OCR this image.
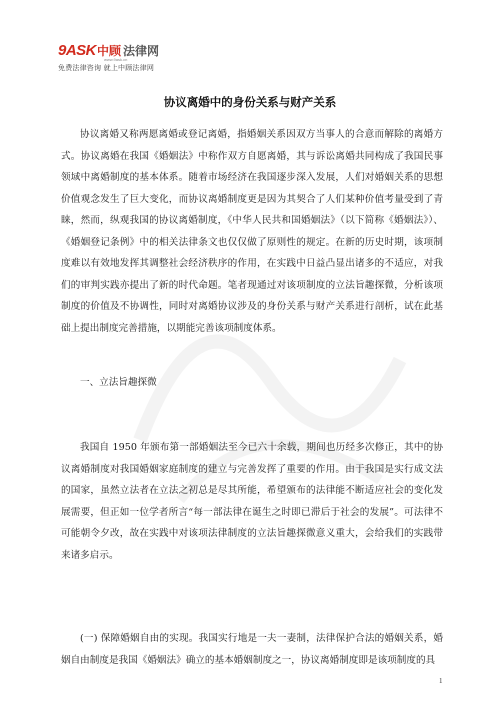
9ASK 中顾 法律网
www.9ask.cn
免费法律咨询 就上中顾法律网
协议离婚中的身份关系与财产关系
协议离婚又称两愿离婚或登记离婚，指婚姻关系因双方当事人的合意而解除的离婚方式。协议离婚在我国《婚姻法》中称作双方自愿离婚，其与诉讼离婚共同构成了我国民事领域中离婚制度的基本体系。随着市场经济在我国逐步深入发展，人们对婚姻关系的思想价值观念发生了巨大变化，而协议离婚制度更是因为其契合了人们某种价值考量受到了青睐，然而，纵观我国的协议离婚制度，《中华人民共和国婚姻法》（以下简称《婚姻法》）、《婚姻登记条例》中的相关法律条文也仅仅做了原则性的规定。在新的历史时期，该项制度难以有效地发挥其调整社会经济秩序的作用，在实践中日益凸显出诸多的不适应，对我们的审判实践亦提出了新的时代命题。笔者现通过对该项制度的立法旨趣探微，分析该项制度的价值及不协调性，同时对离婚协议涉及的身份关系与财产关系进行剖析，试在此基础上提出制度完善措施，以期能完善该项制度体系。
一、立法旨趣探微
我国自 1950 年颁布第一部婚姻法至今已六十余载，期间也历经多次修正，其中的协议离婚制度对我国婚姻家庭制度的建立与完善发挥了重要的作用。由于我国是实行成文法的国家，虽然立法者在立法之初总是尽其所能，希望颁布的法律能不断适应社会的变化发展需要，但正如一位学者所言“每一部法律在诞生之时即已滞后于社会的发展”。可法律不可能朝令夕改，故在实践中对该项法律制度的立法旨趣探微意义重大，会给我们的实践带来诸多启示。
(一) 保障婚姻自由的实现。我国实行地是一夫一妻制，法律保护合法的婚姻关系，婚姻自由制度是我国《婚姻法》确立的基本婚姻制度之一，协议离婚制度即是该项制度的具
1
